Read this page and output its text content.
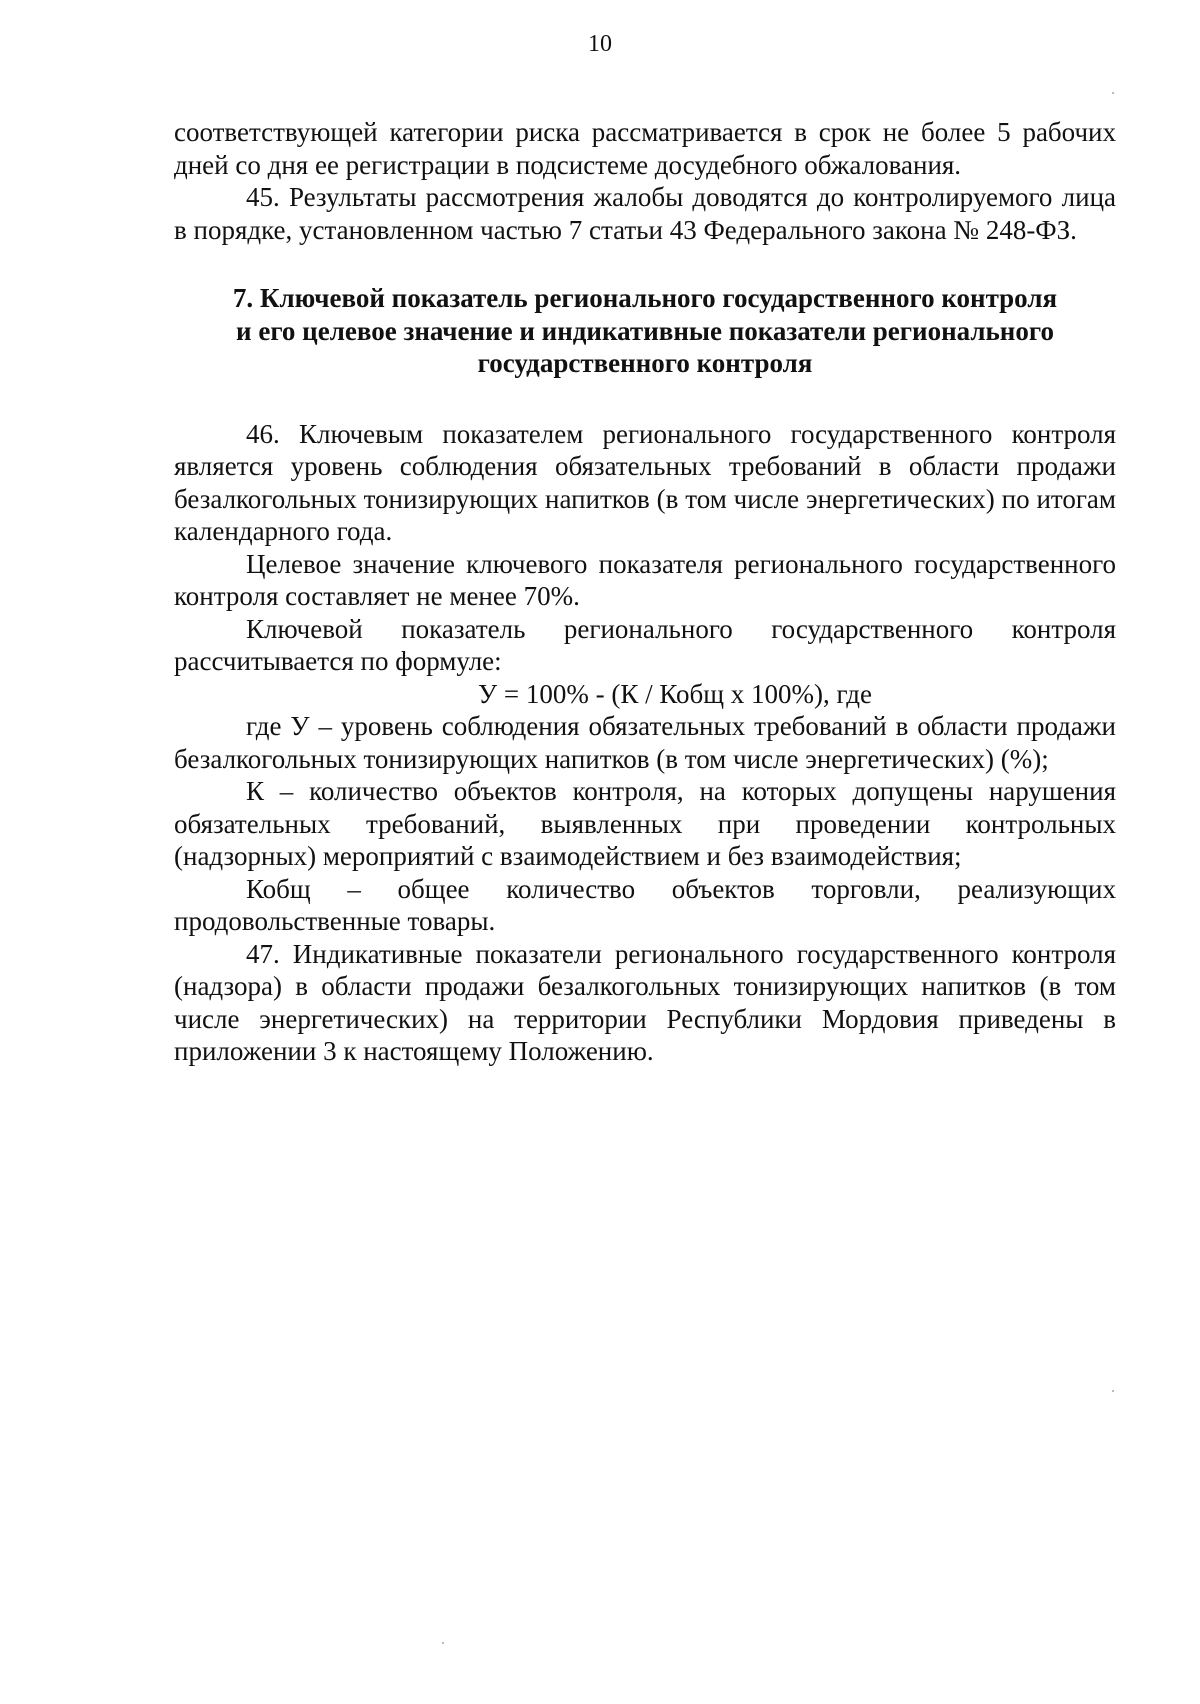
10

соответствующей категории риска рассматривается в срок не более 5 рабочих дней со дня ее регистрации в подсистеме досудебного обжалования.

45. Результаты рассмотрения жалобы доводятся до контролируемого лица в порядке, установленном частью 7 статьи 43 Федерального закона № 248-ФЗ.

7. Ключевой показатель регионального государственного контроля
и его целевое значение и индикативные показатели регионального
государственного контроля

46. Ключевым показателем регионального государственного контроля является уровень соблюдения обязательных требований в области продажи безалкогольных тонизирующих напитков (в том числе энергетических) по итогам календарного года.

Целевое значение ключевого показателя регионального государственного контроля составляет не менее 70%.

Ключевой показатель регионального государственного контроля рассчитывается по формуле:

У = 100% - (К / Кобщ х 100%), где

где У – уровень соблюдения обязательных требований в области продажи безалкогольных тонизирующих напитков (в том числе энергетических) (%);

К – количество объектов контроля, на которых допущены нарушения обязательных требований, выявленных при проведении контрольных (надзорных) мероприятий с взаимодействием и без взаимодействия;

Кобщ – общее количество объектов торговли, реализующих продовольственные товары.

47. Индикативные показатели регионального государственного контроля (надзора) в области продажи безалкогольных тонизирующих напитков (в том числе энергетических) на территории Республики Мордовия приведены в приложении 3 к настоящему Положению.
